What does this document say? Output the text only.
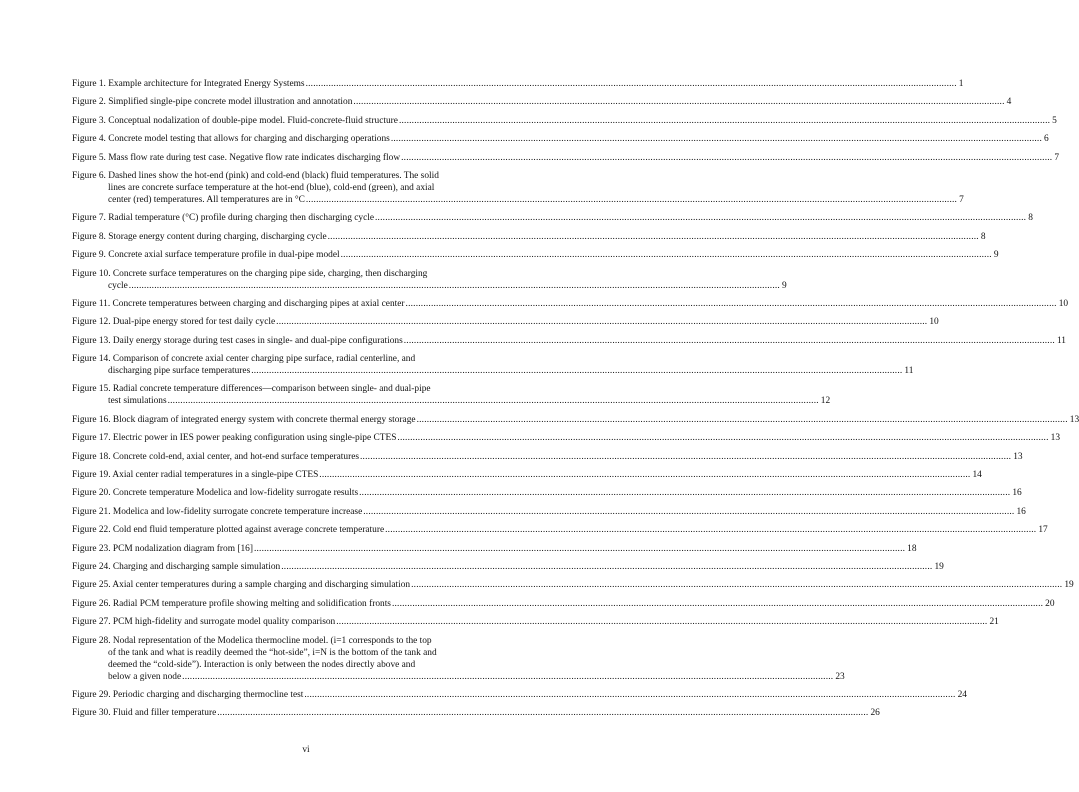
Figure 1. Example architecture for Integrated Energy Systems .....	1
Figure 2. Simplified single-pipe concrete model illustration and annotation .....	4
Figure 3. Conceptual nodalization of double-pipe model. Fluid-concrete-fluid structure .....	5
Figure 4. Concrete model testing that allows for charging and discharging operations .....	6
Figure 5. Mass flow rate during test case. Negative flow rate indicates discharging flow .....	7
Figure 6. Dashed lines show the hot-end (pink) and cold-end (black) fluid temperatures. The solid
lines are concrete surface temperature at the hot-end (blue), cold-end (green), and axial
center (red) temperatures. All temperatures are in °C .....	7
Figure 7. Radial temperature (°C) profile during charging then discharging cycle .....	8
Figure 8. Storage energy content during charging, discharging cycle .....	8
Figure 9. Concrete axial surface temperature profile in dual-pipe model .....	9
Figure 10. Concrete surface temperatures on the charging pipe side, charging, then discharging
cycle .....	9
Figure 11. Concrete temperatures between charging and discharging pipes at axial center .....	10
Figure 12. Dual-pipe energy stored for test daily cycle .....	10
Figure 13. Daily energy storage during test cases in single- and dual-pipe configurations .....	11
Figure 14. Comparison of concrete axial center charging pipe surface, radial centerline, and
discharging pipe surface temperatures .....	11
Figure 15. Radial concrete temperature differences—comparison between single- and dual-pipe
test simulations .....	12
Figure 16. Block diagram of integrated energy system with concrete thermal energy storage .....	13
Figure 17. Electric power in IES power peaking configuration using single-pipe CTES .....	13
Figure 18. Concrete cold-end, axial center, and hot-end surface temperatures .....	13
Figure 19. Axial center radial temperatures in a single-pipe CTES .....	14
Figure 20. Concrete temperature Modelica and low-fidelity surrogate results .....	16
Figure 21. Modelica and low-fidelity surrogate concrete temperature increase .....	16
Figure 22. Cold end fluid temperature plotted against average concrete temperature .....	17
Figure 23. PCM nodalization diagram from [16] .....	18
Figure 24. Charging and discharging sample simulation .....	19
Figure 25. Axial center temperatures during a sample charging and discharging simulation .....	19
Figure 26. Radial PCM temperature profile showing melting and solidification fronts .....	20
Figure 27. PCM high-fidelity and surrogate model quality comparison .....	21
Figure 28. Nodal representation of the Modelica thermocline model. (i=1 corresponds to the top
of the tank and what is readily deemed the “hot-side”, i=N is the bottom of the tank and
deemed the “cold-side”). Interaction is only between the nodes directly above and
below a given node .....	23
Figure 29. Periodic charging and discharging thermocline test .....	24
Figure 30. Fluid and filler temperature .....	26
vi
